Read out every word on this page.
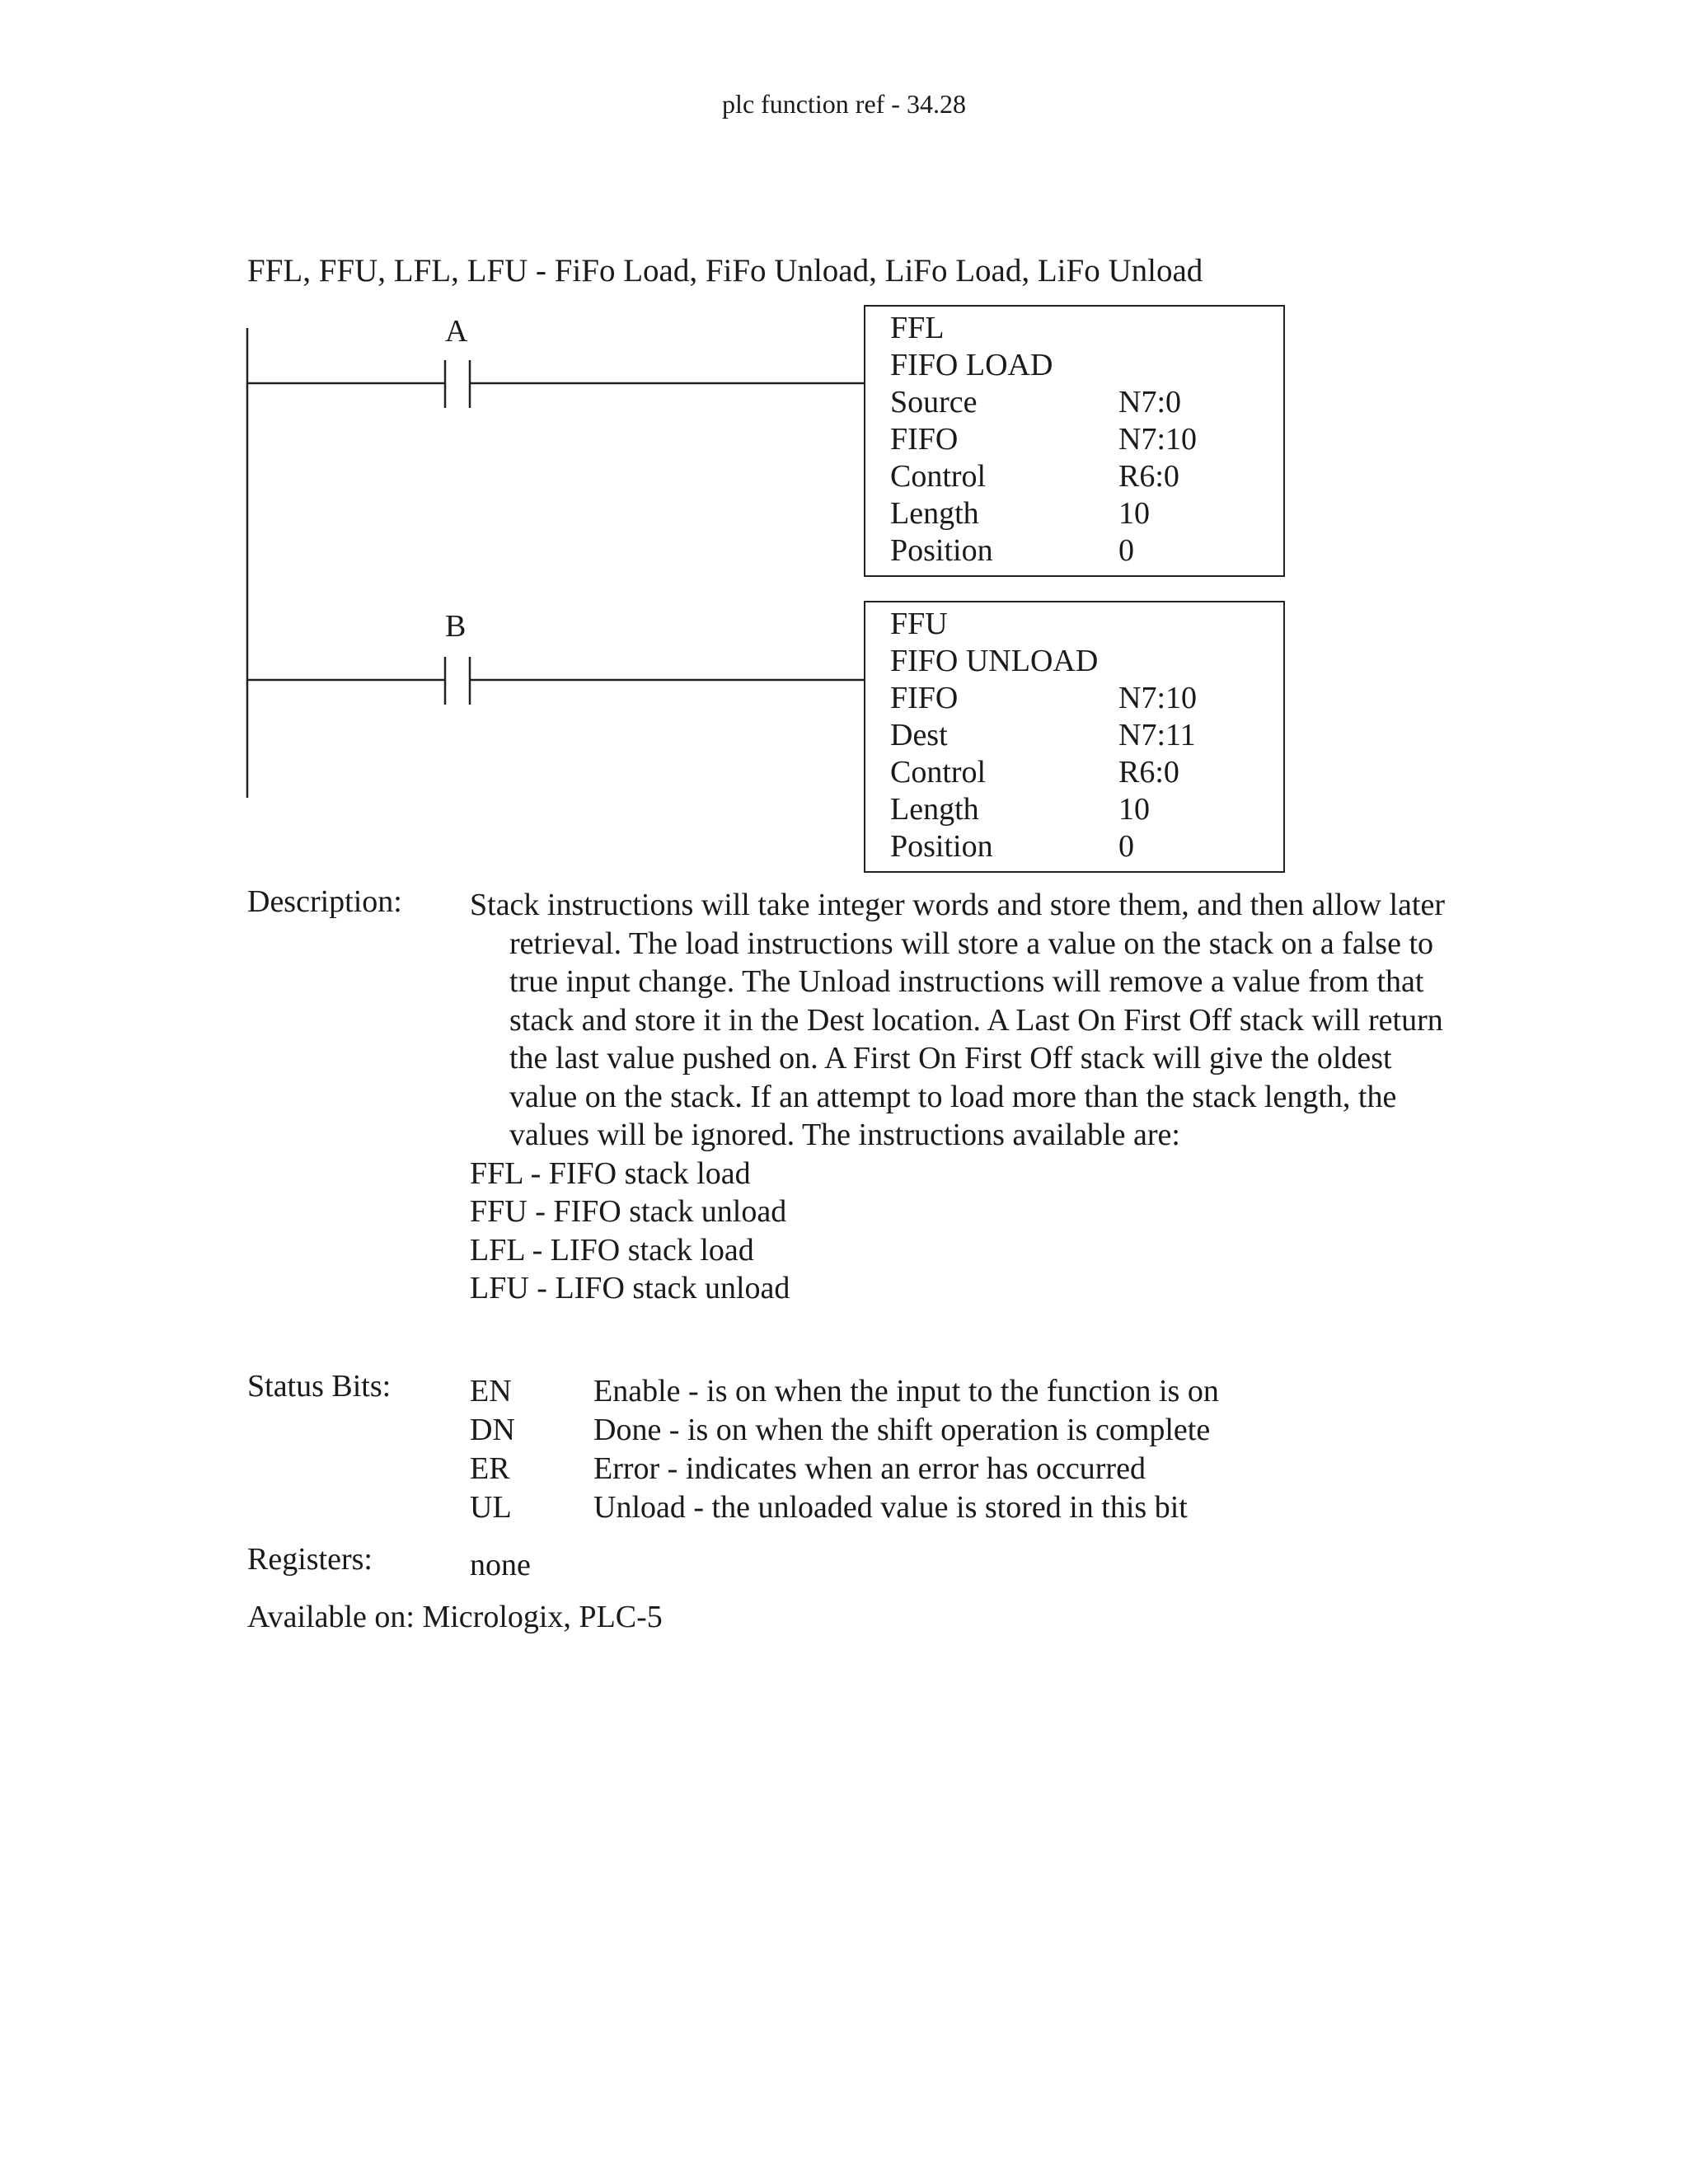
plc function ref - 34.28
FFL, FFU, LFL, LFU - FiFo Load, FiFo Unload, LiFo Load, LiFo Unload
A
B
FFL
FIFO LOAD
Source	N7:0
FIFO	N7:10
Control	R6:0
Length	10
Position	0
FFU
FIFO UNLOAD
FIFO	N7:10
Dest	N7:11
Control	R6:0
Length	10
Position	0
Description: Stack instructions will take integer words and store them, and then allow later retrieval. The load instructions will store a value on the stack on a false to true input change. The Unload instructions will remove a value from that stack and store it in the Dest location. A Last On First Off stack will return the last value pushed on. A First On First Off stack will give the oldest value on the stack. If an attempt to load more than the stack length, the values will be ignored. The instructions available are:

FFL - FIFO stack load
FFU - FIFO stack unload
LFL - LIFO stack load
LFU - LIFO stack unload
Status Bits:	EN	Enable - is on when the input to the function is on
DN	Done - is on when the shift operation is complete
ER	Error - indicates when an error has occurred
UL	Unload - the unloaded value is stored in this bit
Registers:	none
Available on: Micrologix, PLC-5
